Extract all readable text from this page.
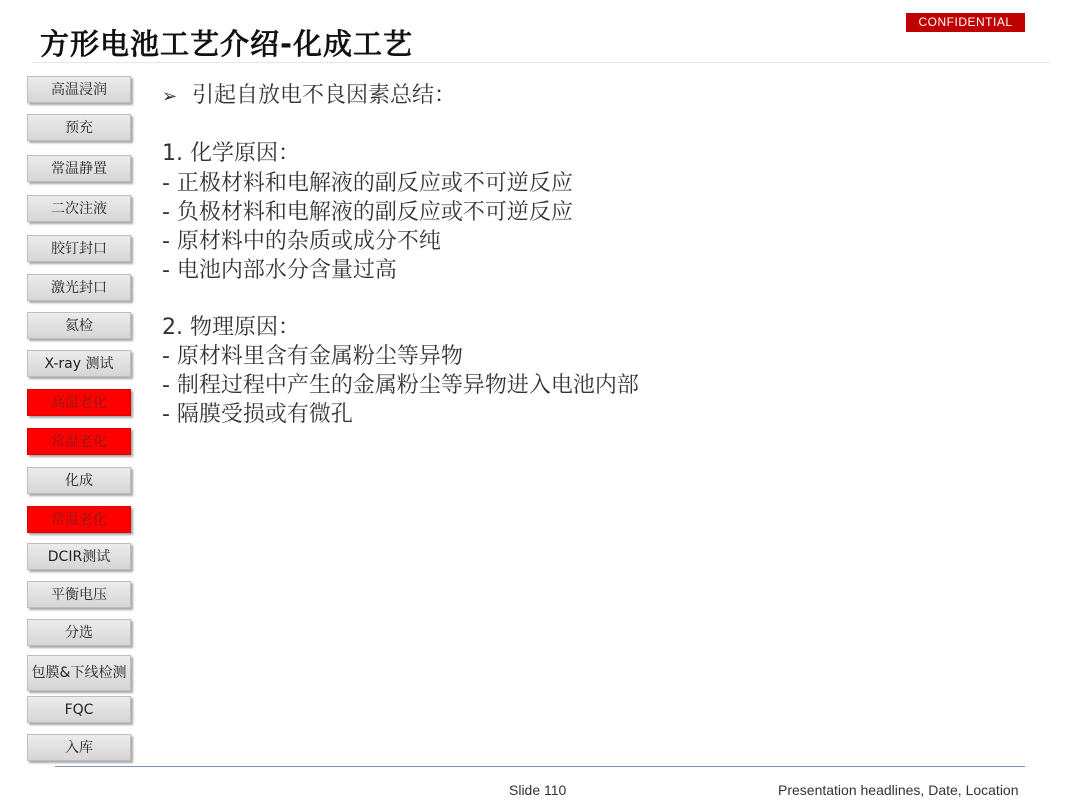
方形电池工艺介绍-化成工艺
CONFIDENTIAL
高温浸润
预充
常温静置
二次注液
胶钉封口
激光封口
氦检
X-ray 测试
高温老化
常温老化
化成
常温老化
DCIR测试
平衡电压
分选
包膜&下线检测
FQC
入库
➢ 引起自放电不良因素总结：
1. 化学原因：
- 正极材料和电解液的副反应或不可逆反应
- 负极材料和电解液的副反应或不可逆反应
- 原材料中的杂质或成分不纯
- 电池内部水分含量过高
2. 物理原因：
- 原材料里含有金属粉尘等异物
- 制程过程中产生的金属粉尘等异物进入电池内部
- 隔膜受损或有微孔
Slide 110	Presentation headlines, Date, Location
